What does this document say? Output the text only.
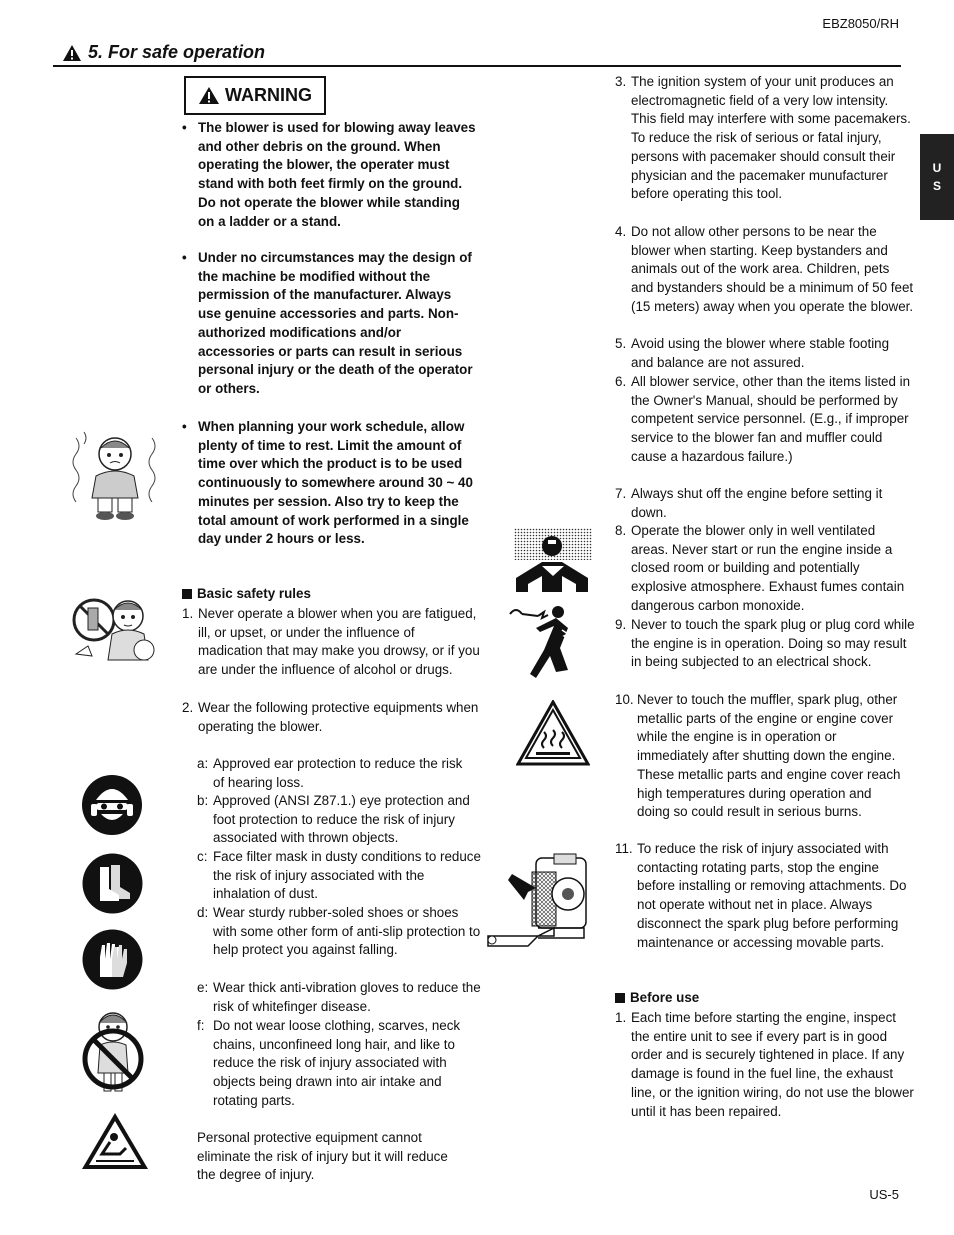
EBZ8050/RH
5. For safe operation
U
S
WARNING
• The blower is used for blowing away leaves and other debris on the ground. When operating the blower, the operater must stand with both feet firmly on the ground.
Do not operate the blower while standing on a ladder or a stand.
• Under no circumstances may the design of the machine be modified without the permission of the manufacturer. Always use genuine accessories and parts. Non-authorized modifications and/or accessories or parts can result in serious personal injury or the death of the operator or others.
• When planning your work schedule, allow plenty of time to rest. Limit the amount of time over which the product is to be used continuously to somewhere around 30 ~ 40 minutes per session. Also try to keep the total amount of work performed in a single day under 2 hours or less.
Basic safety rules
1. Never operate a blower when you are fatigued, ill, or upset, or under the influence of madication that may make you drowsy, or if you are under the influence of alcohol or drugs.
2. Wear the following protective equipments when operating the blower.
a: Approved ear protection to reduce the risk of hearing loss.
b: Approved (ANSI Z87.1.) eye protection and foot protection to reduce the risk of injury associated with thrown objects.
c: Face filter mask in dusty conditions to reduce the risk of injury associated with the inhalation of dust.
d: Wear sturdy rubber-soled shoes or shoes with some other form of anti-slip protection to help protect you against falling.
e: Wear thick anti-vibration gloves to reduce the risk of whitefinger disease.
f: Do not wear loose clothing, scarves, neck chains, unconfineed long hair, and like to reduce the risk of injury associated with objects being drawn into air intake and rotating parts.
Personal protective equipment cannot eliminate the risk of injury but it will reduce the degree of injury.
3. The ignition system of your unit produces an electromagnetic field of a very low intensity. This field may interfere with some pacemakers. To reduce the risk of serious or fatal injury, persons with pacemaker should consult their physician and the pacemaker munufacturer before operating this tool.
4. Do not allow other persons to be near the blower when starting. Keep bystanders and animals out of the work area. Children, pets and bystanders should be a minimum of 50 feet (15 meters) away when you operate the blower.
5. Avoid using the blower where stable footing and balance are not assured.
6. All blower service, other than the items listed in the Owner's Manual, should be performed by competent service personnel. (E.g., if improper service to the blower fan and muffler could cause a hazardous failure.)
7. Always shut off the engine before setting it down.
8. Operate the blower only in well ventilated areas. Never start or run the engine inside a closed room or building and potentially explosive atmosphere. Exhaust fumes contain dangerous carbon monoxide.
9. Never to touch the spark plug or plug cord while the engine is in operation. Doing so may result in being subjected to an electrical shock.
10. Never to touch the muffler, spark plug, other metallic parts of the engine or engine cover while the engine is in operation or immediately after shutting down the engine. These metallic parts and engine cover reach high temperatures during operation and doing so could result in serious burns.
11. To reduce the risk of injury associated with contacting rotating parts, stop the engine before installing or removing attachments. Do not operate without net in place. Always disconnect the spark plug before performing maintenance or accessing movable parts.
Before use
1. Each time before starting the engine, inspect the entire unit to see if every part is in good order and is securely tightened in place. If any damage is found in the fuel line, the exhaust line, or the ignition wiring, do not use the blower until it has been repaired.
US-5
